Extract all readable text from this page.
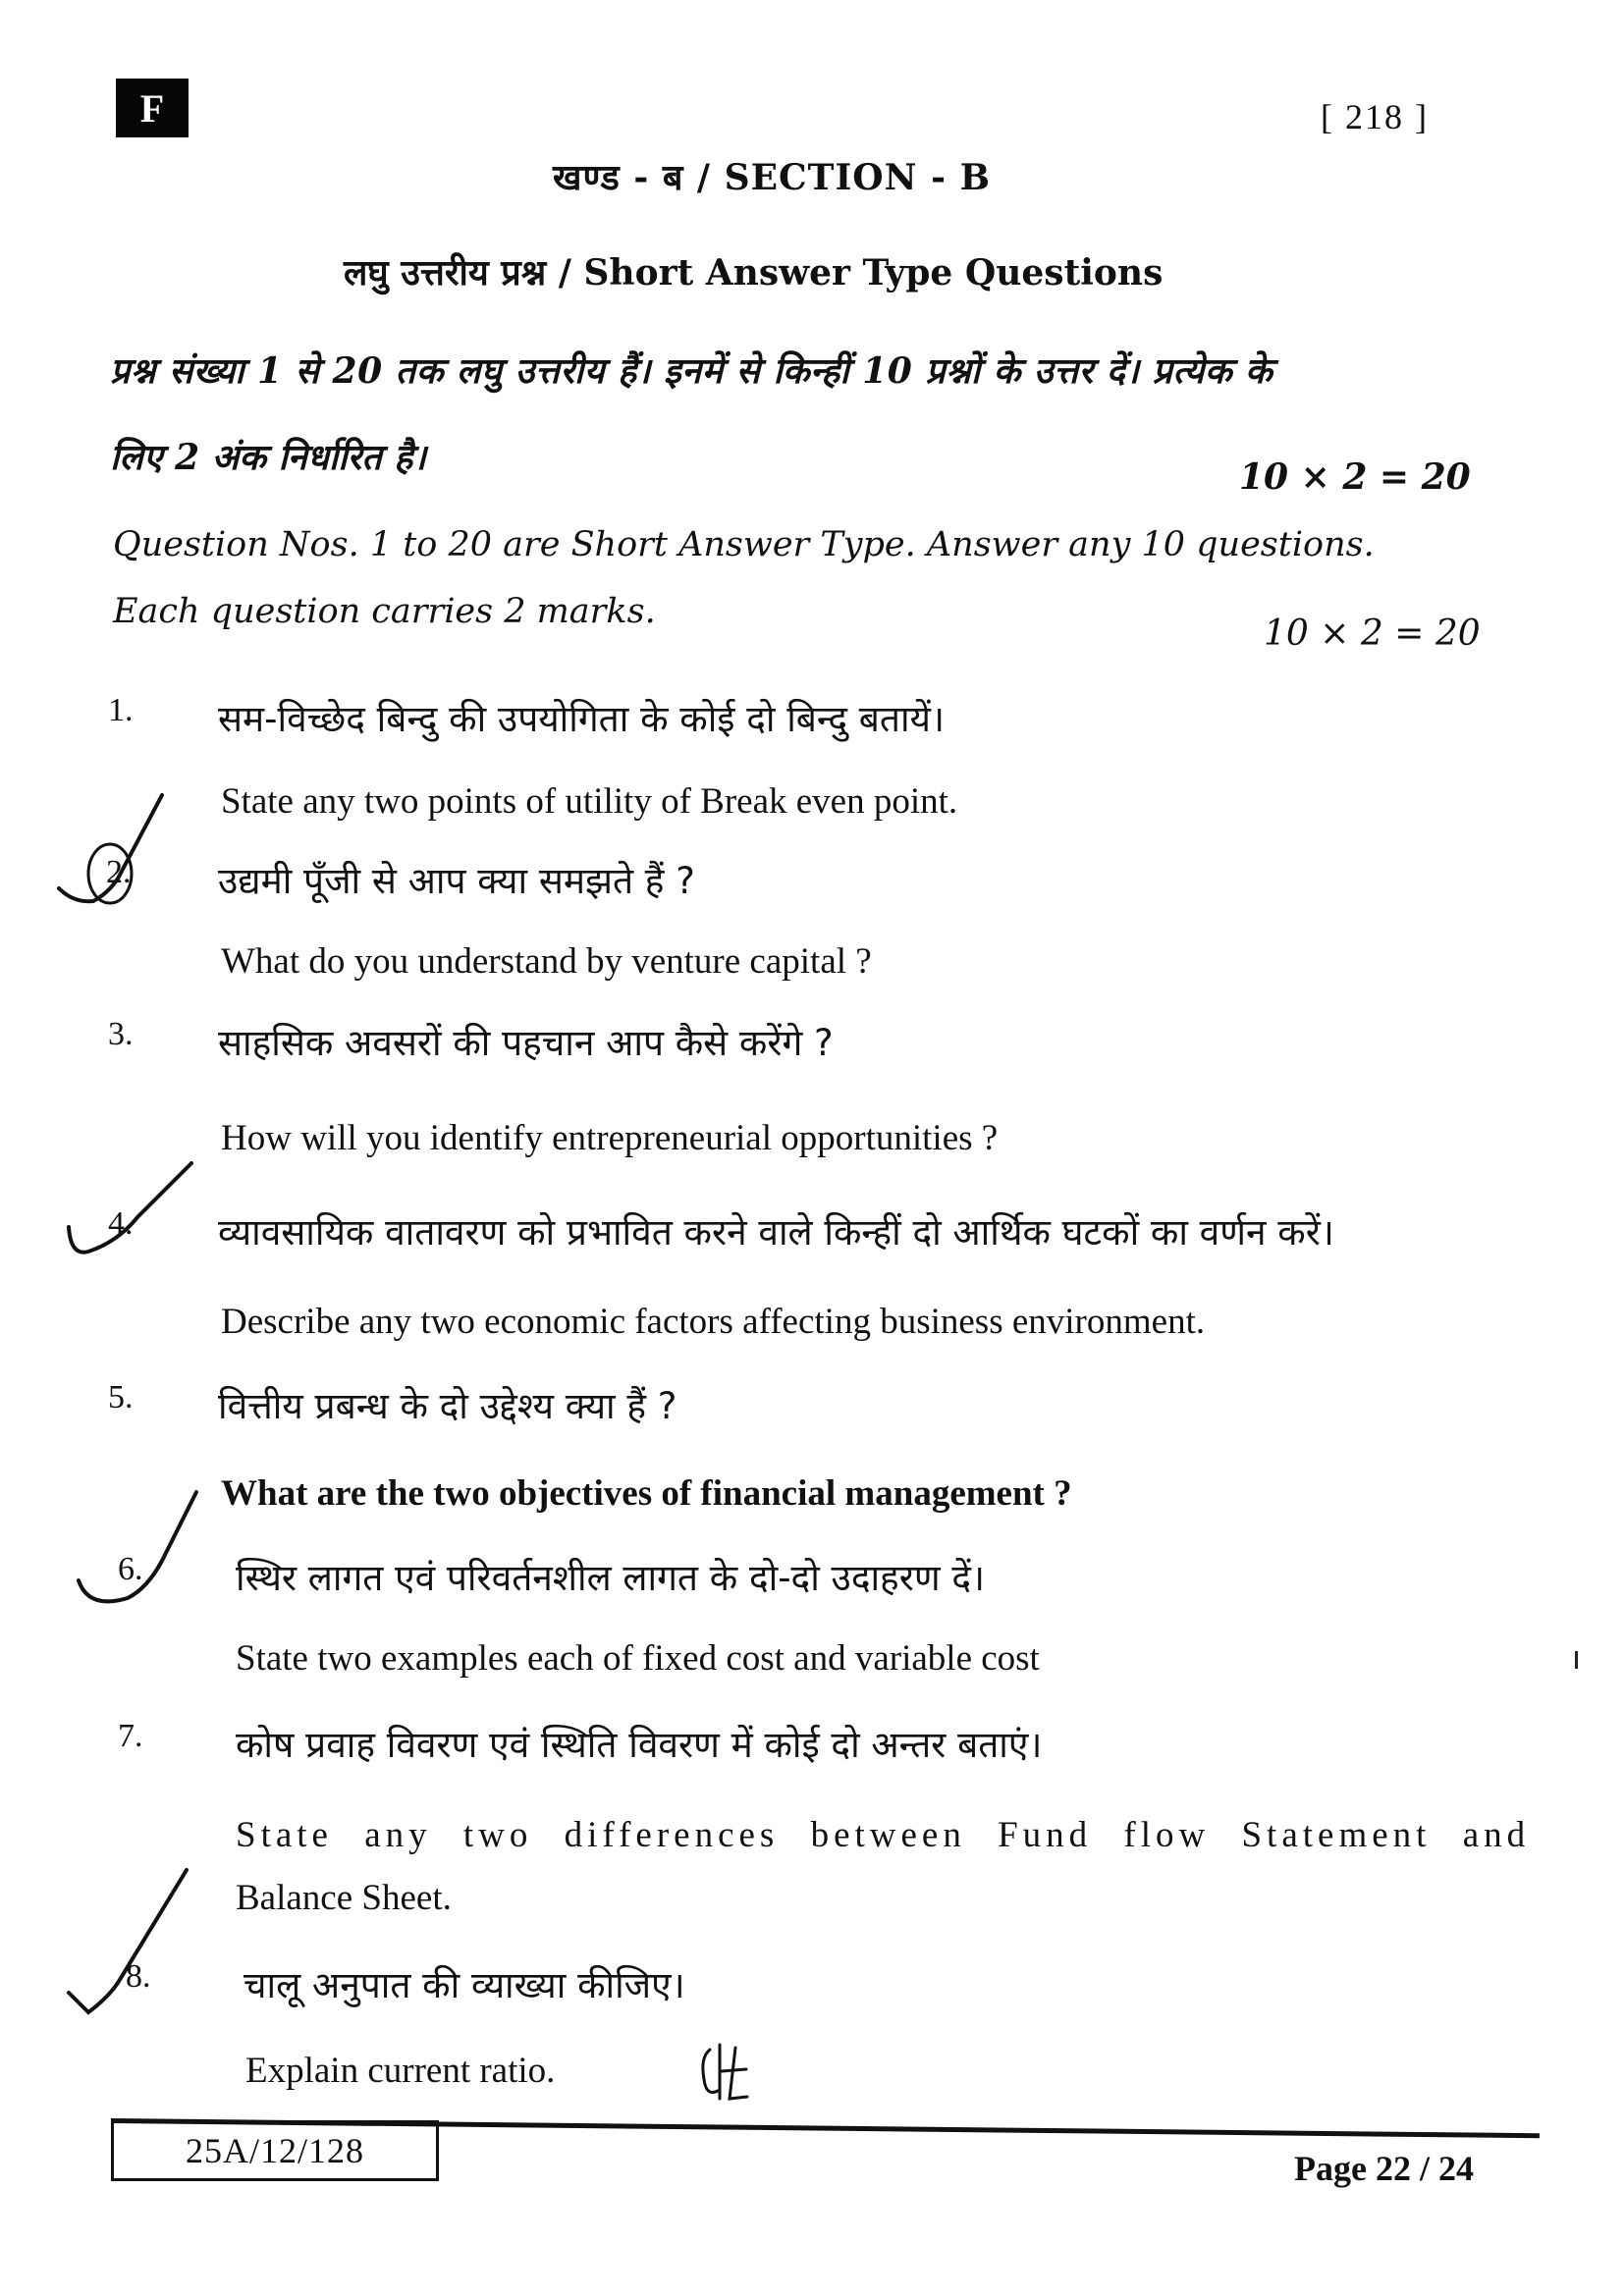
F	[ 218 ]
खण्ड - ब / SECTION - B
लघु उत्तरीय प्रश्न / Short Answer Type Questions
प्रश्न संख्या 1 से 20 तक लघु उत्तरीय हैं। इनमें से किन्हीं 10 प्रश्नों के उत्तर दें। प्रत्येक के
लिए 2 अंक निर्धारित है।	10 × 2 = 20
Question Nos. 1 to 20 are Short Answer Type. Answer any 10 questions.
Each question carries 2 marks.
10 × 2 = 20
1. सम-विच्छेद बिन्दु की उपयोगिता के कोई दो बिन्दु बतायें।
State any two points of utility of Break even point.
2. उद्यमी पूँजी से आप क्या समझते हैं ?
What do you understand by venture capital ?
3. साहसिक अवसरों की पहचान आप कैसे करेंगे ?
How will you identify entrepreneurial opportunities ?
4. व्यावसायिक वातावरण को प्रभावित करने वाले किन्हीं दो आर्थिक घटकों का वर्णन करें।
Describe any two economic factors affecting business environment.
5. वित्तीय प्रबन्ध के दो उद्देश्य क्या हैं ?
What are the two objectives of financial management ?
6.	स्थिर लागत एवं परिवर्तनशील लागत के दो-दो उदाहरण दें।
State two examples each of fixed cost and variable cost
7.	कोष प्रवाह विवरण एवं स्थिति विवरण में कोई दो अन्तर बताएं।
State any two differences between Fund flow Statement and
Balance Sheet.
8.	चालू अनुपात की व्याख्या कीजिए।
Explain current ratio.
25A/12/128	Page 22 / 24
